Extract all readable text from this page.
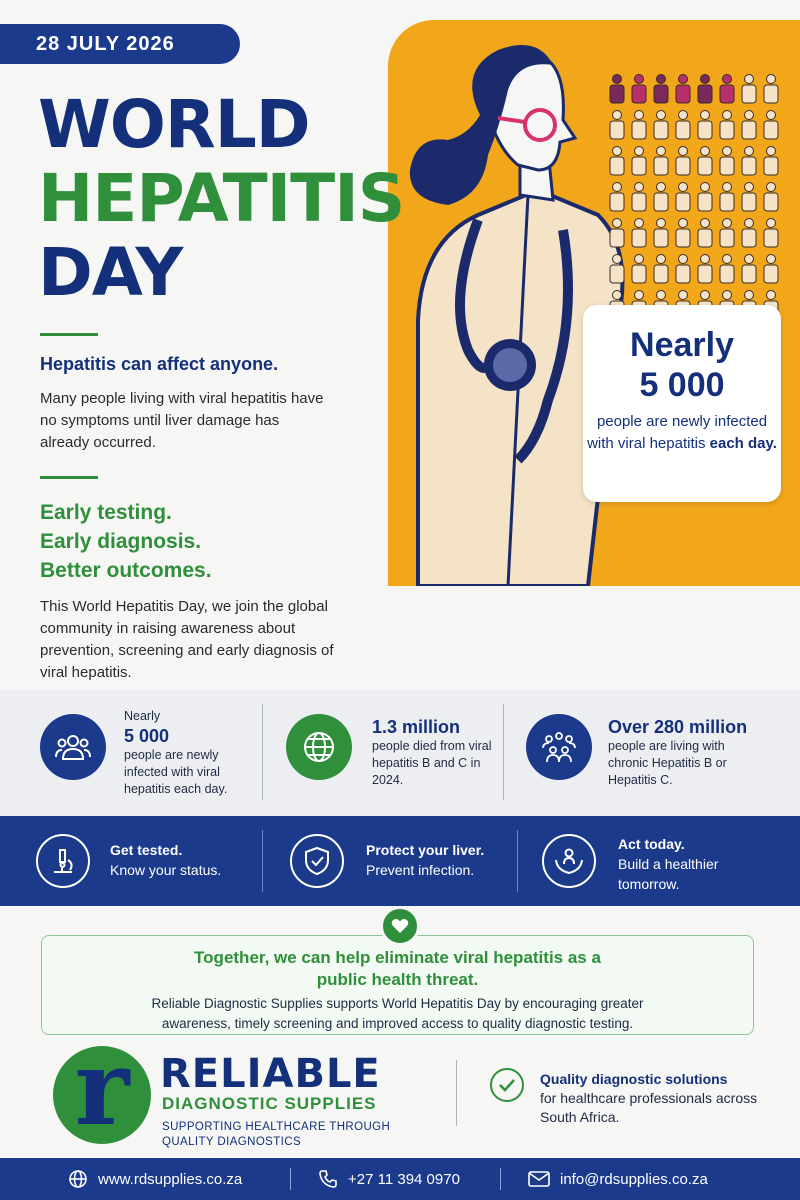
28 JULY 2026
WORLD
HEPATITIS
DAY
Hepatitis can affect anyone.
Many people living with viral hepatitis have no symptoms until liver damage has already occurred.
Early testing.
Early diagnosis.
Better outcomes.
This World Hepatitis Day, we join the global community in raising awareness about prevention, screening and early diagnosis of viral hepatitis.
Nearly
5 000
people are newly infected with viral hepatitis each day.
Nearly
5 000
people are newly infected with viral hepatitis each day.
1.3 million
people died from viral hepatitis B and C in 2024.
Over 280 million
people are living with chronic Hepatitis B or Hepatitis C.
Get tested.
Know your status.
Protect your liver.
Prevent infection.
Act today.
Build a healthier tomorrow.
Together, we can help eliminate viral hepatitis as a public health threat.
Reliable Diagnostic Supplies supports World Hepatitis Day by encouraging greater awareness, timely screening and improved access to quality diagnostic testing.
r RELIABLE
DIAGNOSTIC SUPPLIES
SUPPORTING HEALTHCARE THROUGH QUALITY DIAGNOSTICS
Quality diagnostic solutions
for healthcare professionals across South Africa.
www.rdsupplies.co.za	+27 11 394 0970	info@rdsupplies.co.za
